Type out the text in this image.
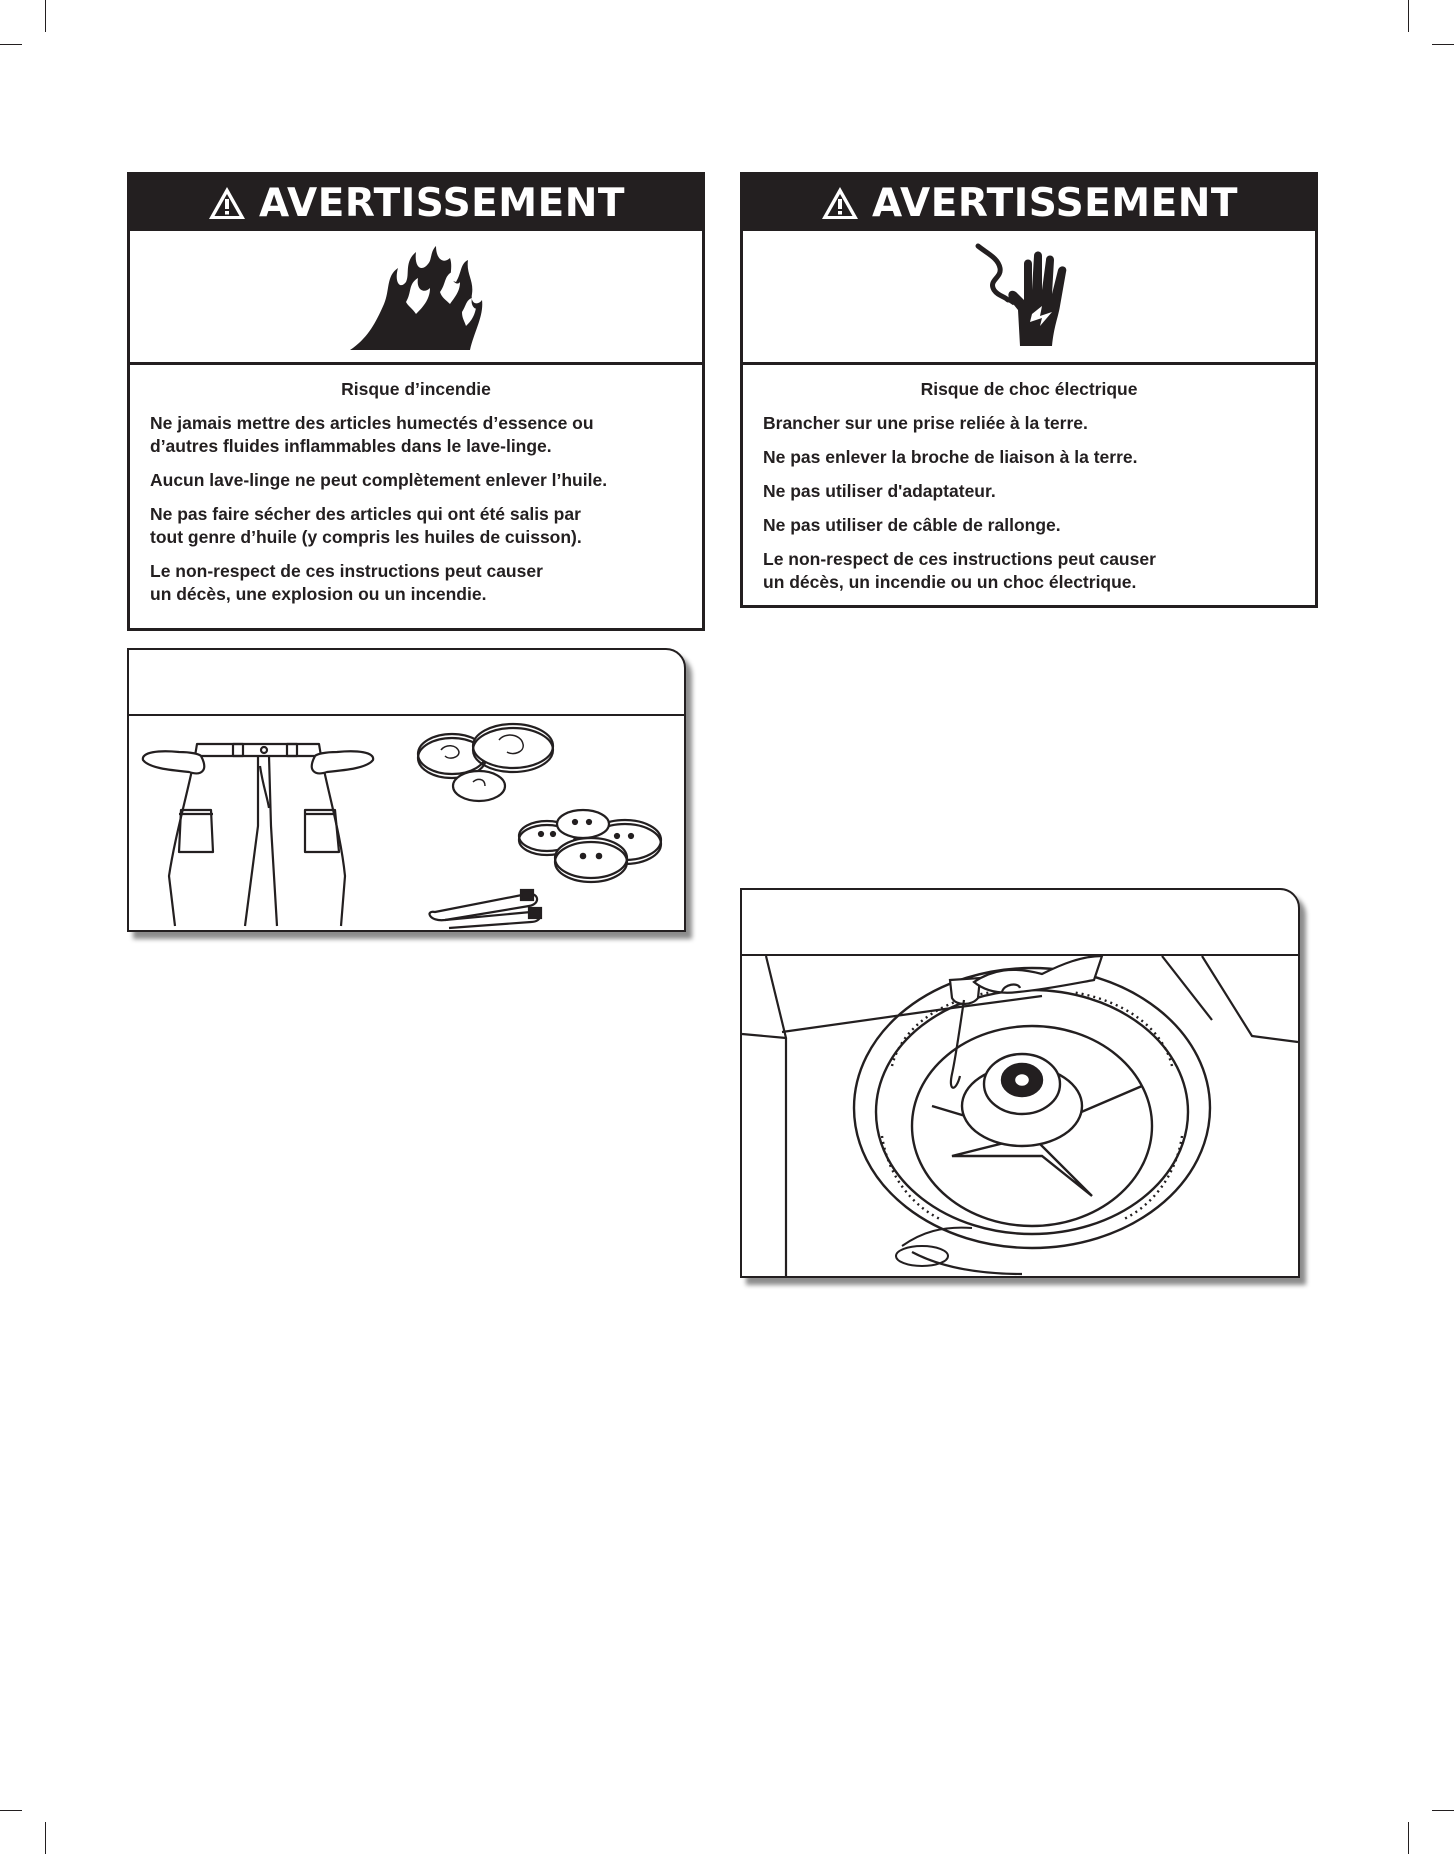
AVERTISSEMENT
Risque d’incendie

Ne jamais mettre des articles humectés d’essence ou
d’autres fluides inflammables dans le lave-linge.

Aucun lave-linge ne peut complètement enlever l’huile.

Ne pas faire sécher des articles qui ont été salis par
tout genre d’huile (y compris les huiles de cuisson).

Le non-respect de ces instructions peut causer
un décès, une explosion ou un incendie.

AVERTISSEMENT
Risque de choc électrique

Brancher sur une prise reliée à la terre.

Ne pas enlever la broche de liaison à la terre.

Ne pas utiliser d'adaptateur.

Ne pas utiliser de câble de rallonge.

Le non-respect de ces instructions peut causer
un décès, un incendie ou un choc électrique.
